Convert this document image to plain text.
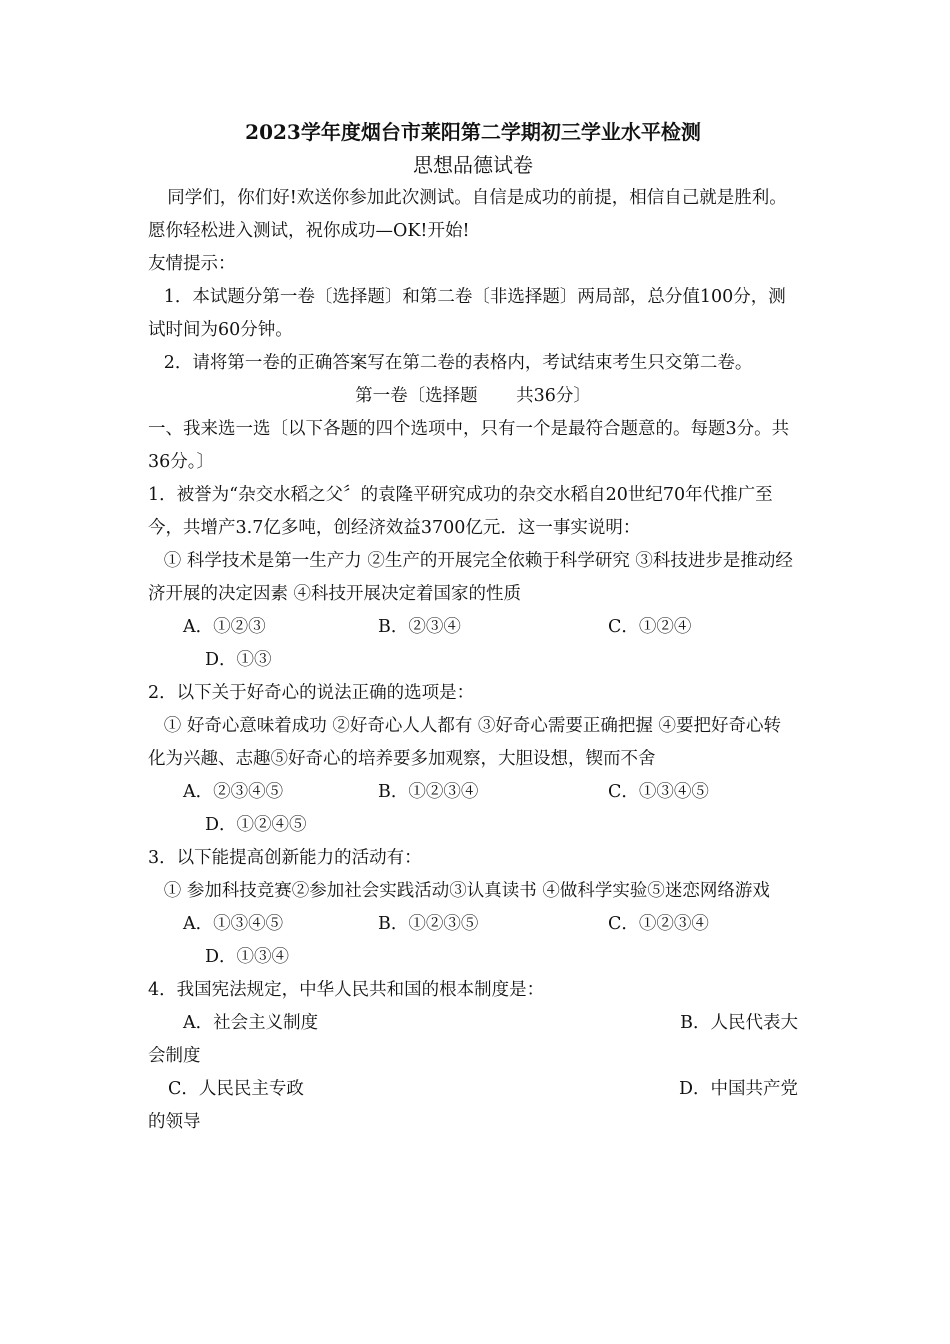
2023学年度烟台市莱阳第二学期初三学业水平检测

思想品德试卷

同学们，你们好!欢送你参加此次测试。自信是成功的前提，相信自己就是胜利。愿你轻松进入测试，祝你成功—OK!开始!

友情提示：

1．本试题分第一卷〔选择题〕和第二卷〔非选择题〕两局部，总分值100分，测试时间为60分钟。

2．请将第一卷的正确答案写在第二卷的表格内，考试结束考生只交第二卷。

第一卷〔选择题 共36分〕

一、我来选一选〔以下各题的四个选项中，只有一个是最符合题意的。每题3分。共36分。〕

1．被誉为“杂交水稻之父〞的袁隆平研究成功的杂交水稻自20世纪70年代推广至今，共增产3.7亿多吨，创经济效益3700亿元．这一事实说明：

① 科学技术是第一生产力 ②生产的开展完全依赖于科学研究 ③科技进步是推动经济开展的决定因素 ④科技开展决定着国家的性质

A．①②③	B．②③④	C．①②④

D．①③

2．以下关于好奇心的说法正确的选项是：

① 好奇心意味着成功 ②好奇心人人都有 ③好奇心需要正确把握 ④要把好奇心转化为兴趣、志趣⑤好奇心的培养要多加观察，大胆设想，锲而不舍

A．②③④⑤	B．①②③④	C．①③④⑤

D．①②④⑤

3．以下能提高创新能力的活动有：

① 参加科技竞赛②参加社会实践活动③认真读书 ④做科学实验⑤迷恋网络游戏

A．①③④⑤	B．①②③⑤	C．①②③④

D．①③④

4．我国宪法规定，中华人民共和国的根本制度是：

A．社会主义制度	B．人民代表大

会制度

C．人民民主专政	D．中国共产党

的领导
